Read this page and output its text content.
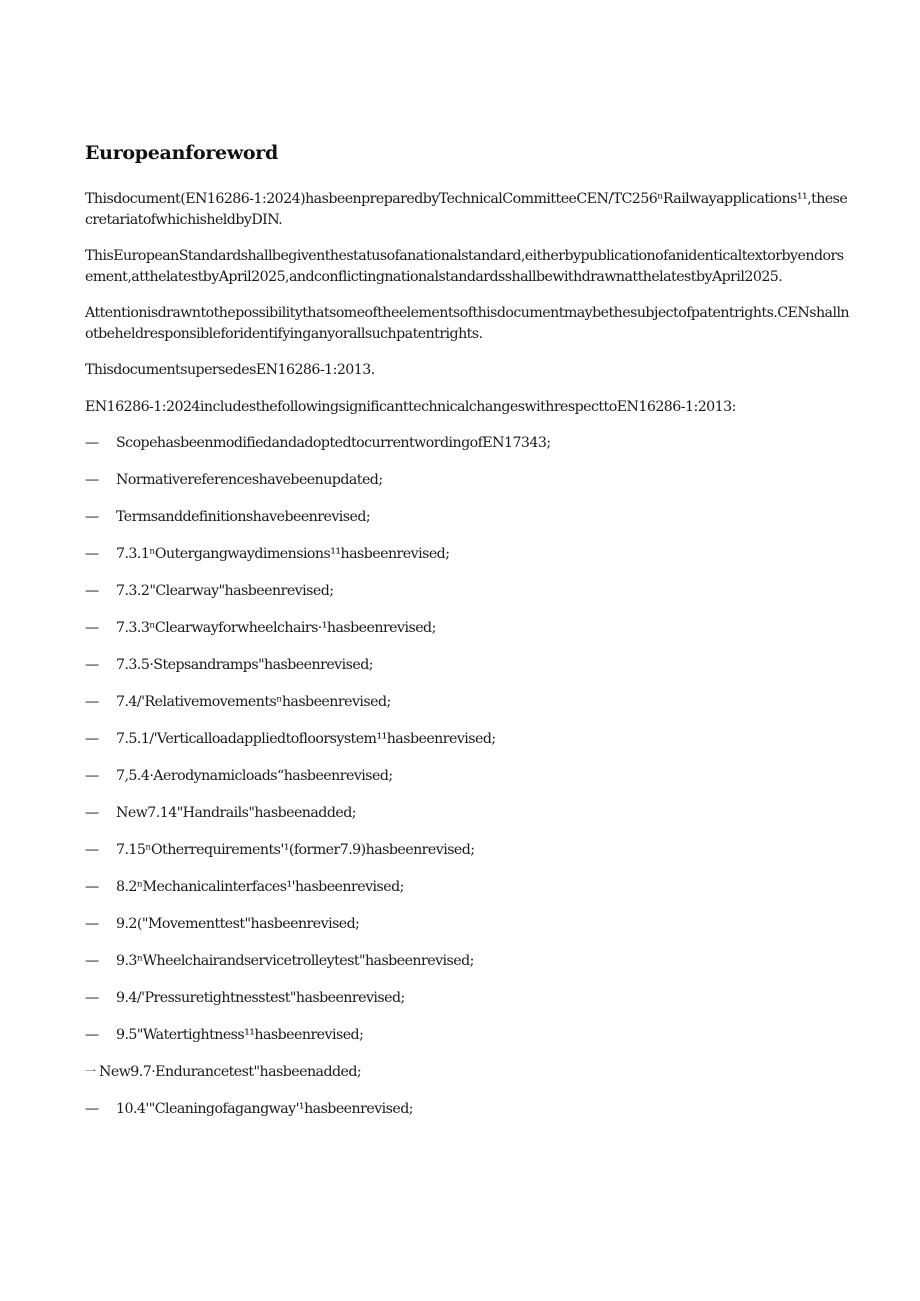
Europeanforeword

Thisdocument(EN16286-1:2024)hasbeenpreparedbyTechnicalCommitteeCEN/TC256ⁿRailwayapplications¹¹,thesecretariatofwhichisheldbyDIN.

ThisEuropeanStandardshallbegiventhestatusofanationalstandard,eitherbypublicationofanidenticaltextorbyendorsement,atthelatestbyApril2025,andconflictingnationalstandardsshallbewithdrawnatthelatestbyApril2025.

Attentionisdrawntothepossibilitythatsomeoftheelementsofthisdocumentmaybethesubjectofpatentrights.CENshallnotbeheldresponsibleforidentifyinganyorallsuchpatentrights.

ThisdocumentsupersedesEN16286-1:2013.

EN16286-1:2024includesthefollowingsignificanttechnicalchangeswithrespecttoEN16286-1:2013:

—	ScopehasbeenmodifiedandadoptedtocurrentwordingofEN17343;
—	Normativereferenceshavebeenupdated;
—	Termsanddefinitionshavebeenrevised;
—	7.3.1ⁿOutergangwaydimensions¹¹hasbeenrevised;
—	7.3.2"Clearway"hasbeenrevised;
—	7.3.3ⁿClearwayforwheelchairs·¹hasbeenrevised;
—	7.3.5·Stepsandramps"hasbeenrevised;
—	7.4/'Relativemovementsⁿhasbeenrevised;
—	7.5.1/'Verticalloadappliedtofloorsystem¹¹hasbeenrevised;
—	7,5.4·Aerodynamicloads“hasbeenrevised;
—	New7.14"Handrails"hasbeenadded;
—	7.15ⁿOtherrequirements'¹(former7.9)hasbeenrevised;
—	8.2ⁿMechanicalinterfaces¹'hasbeenrevised;
—	9.2("Movementtest"hasbeenrevised;
—	9.3ⁿWheelchairandservicetrolleytest"hasbeenrevised;
—	9.4/'Pressuretightnesstest"hasbeenrevised;
—	9.5"Watertightness¹¹hasbeenrevised;
一 New9.7·Endurancetest"hasbeenadded;
—	10.4'"Cleaningofagangway'¹hasbeenrevised;
